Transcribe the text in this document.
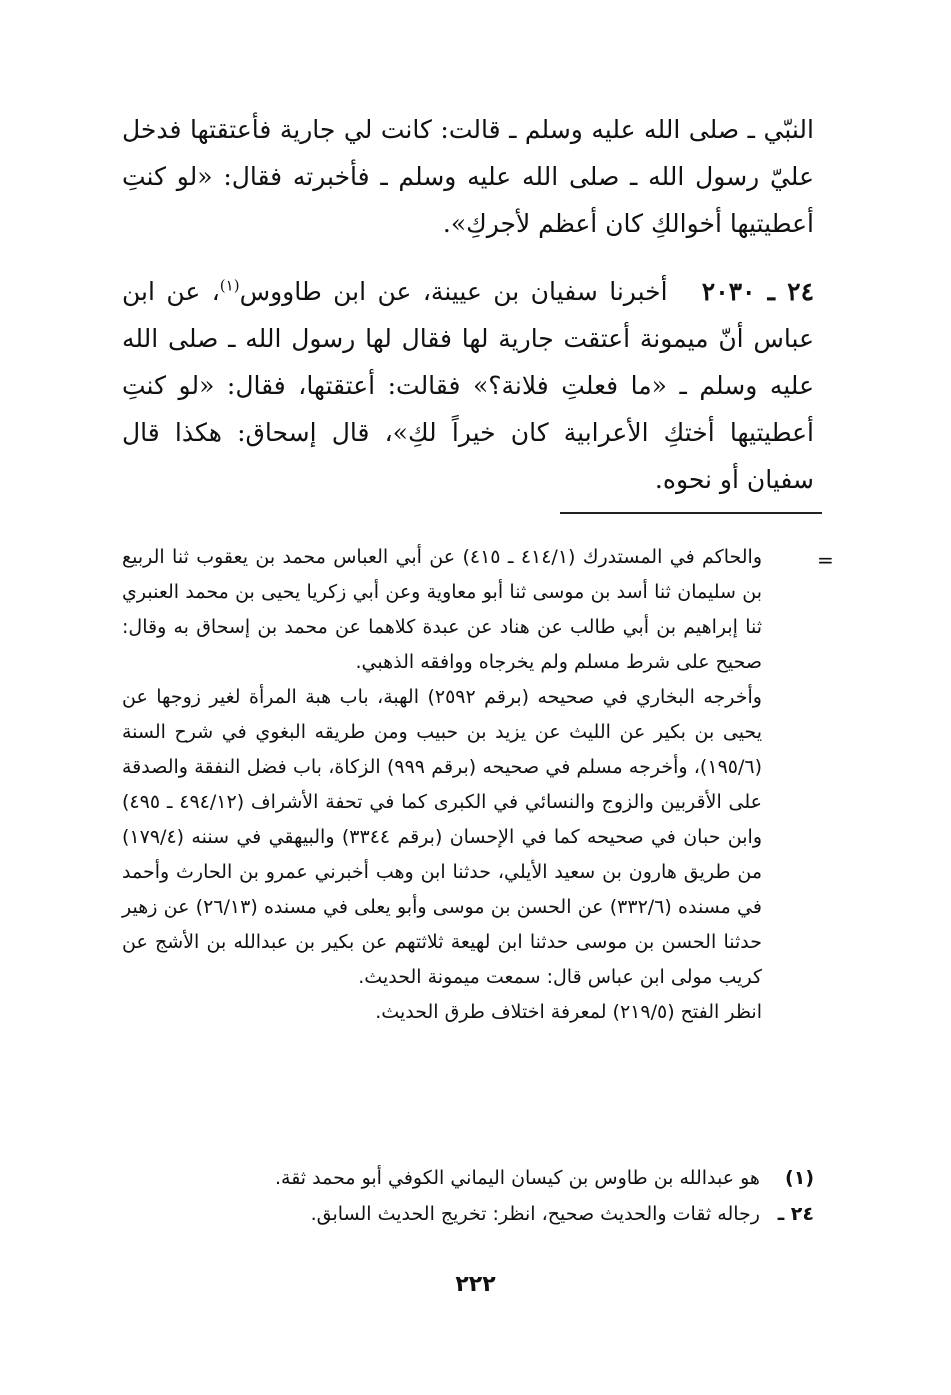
النبّي ـ صلى الله عليه وسلم ـ قالت: كانت لي جارية فأعتقتها فدخل عليّ رسول الله ـ صلى الله عليه وسلم ـ فأخبرته فقال: «لو كنتِ أعطيتيها أخوالكِ كان أعظم لأجركِ».

٢٤ ـ ٢٠٣٠   أخبرنا سفيان بن عيينة، عن ابن طاووس$^{(١)}$، عن ابن عباس أنّ ميمونة أعتقت جارية لها فقال لها رسول الله ـ صلى الله عليه وسلم ـ «ما فعلتِ فلانة؟» فقالت: أعتقتها، فقال: «لو كنتِ أعطيتيها أختكِ الأعرابية كان خيراً لكِ»، قال إسحاق: هكذا قال سفيان أو نحوه.

=

والحاكم في المستدرك (٤١٤/١ ـ ٤١٥) عن أبي العباس محمد بن يعقوب ثنا الربيع بن سليمان ثنا أسد بن موسى ثنا أبو معاوية وعن أبي زكريا يحيى بن محمد العنبري ثنا إبراهيم بن أبي طالب عن هناد عن عبدة كلاهما عن محمد بن إسحاق به وقال: صحيح على شرط مسلم ولم يخرجاه ووافقه الذهبي.

وأخرجه البخاري في صحيحه (برقم ٢٥٩٢) الهبة، باب هبة المرأة لغير زوجها عن يحيى بن بكير عن الليث عن يزيد بن حبيب ومن طريقه البغوي في شرح السنة (١٩٥/٦)، وأخرجه مسلم في صحيحه (برقم ٩٩٩) الزكاة، باب فضل النفقة والصدقة على الأقربين والزوج والنسائي في الكبرى كما في تحفة الأشراف (٤٩٤/١٢ ـ ٤٩٥) وابن حبان في صحيحه كما في الإحسان (برقم ٣٣٤٤) والبيهقي في سننه (١٧٩/٤) من طريق هارون بن سعيد الأيلي، حدثنا ابن وهب أخبرني عمرو بن الحارث وأحمد في مسنده (٣٣٢/٦) عن الحسن بن موسى وأبو يعلى في مسنده (٢٦/١٣) عن زهير حدثنا الحسن بن موسى حدثنا ابن لهيعة ثلاثتهم عن بكير بن عبدالله بن الأشج عن كريب مولى ابن عباس قال: سمعت ميمونة الحديث.

انظر الفتح (٢١٩/٥) لمعرفة اختلاف طرق الحديث.

(١) هو عبدالله بن طاوس بن كيسان اليماني الكوفي أبو محمد ثقة.

٢٤ ـ رجاله ثقات والحديث صحيح، انظر: تخريج الحديث السابق.

٢٢٢
